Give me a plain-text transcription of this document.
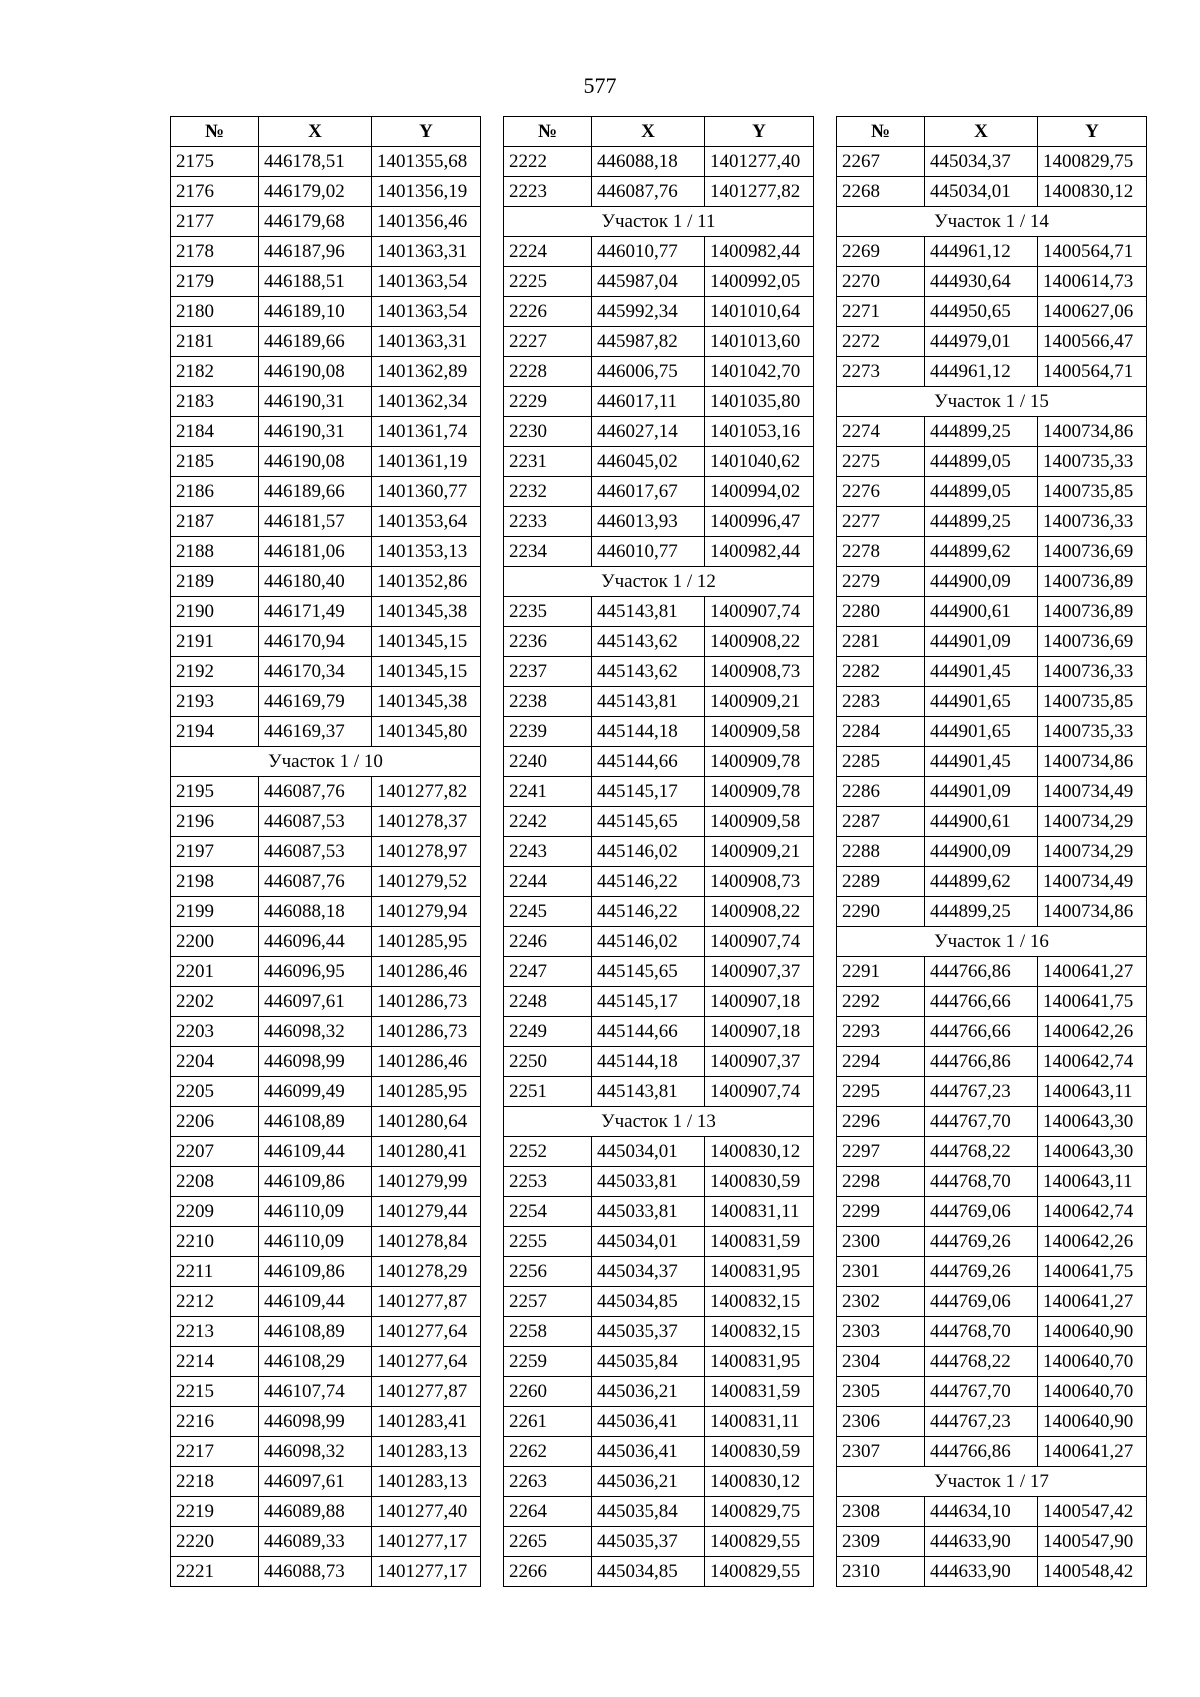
577
№	X	Y
2175	446178,51	1401355,68
2176	446179,02	1401356,19
2177	446179,68	1401356,46
2178	446187,96	1401363,31
2179	446188,51	1401363,54
2180	446189,10	1401363,54
2181	446189,66	1401363,31
2182	446190,08	1401362,89
2183	446190,31	1401362,34
2184	446190,31	1401361,74
2185	446190,08	1401361,19
2186	446189,66	1401360,77
2187	446181,57	1401353,64
2188	446181,06	1401353,13
2189	446180,40	1401352,86
2190	446171,49	1401345,38
2191	446170,94	1401345,15
2192	446170,34	1401345,15
2193	446169,79	1401345,38
2194	446169,37	1401345,80
Участок 1 / 10		
2195	446087,76	1401277,82
2196	446087,53	1401278,37
2197	446087,53	1401278,97
2198	446087,76	1401279,52
2199	446088,18	1401279,94
2200	446096,44	1401285,95
2201	446096,95	1401286,46
2202	446097,61	1401286,73
2203	446098,32	1401286,73
2204	446098,99	1401286,46
2205	446099,49	1401285,95
2206	446108,89	1401280,64
2207	446109,44	1401280,41
2208	446109,86	1401279,99
2209	446110,09	1401279,44
2210	446110,09	1401278,84
2211	446109,86	1401278,29
2212	446109,44	1401277,87
2213	446108,89	1401277,64
2214	446108,29	1401277,64
2215	446107,74	1401277,87
2216	446098,99	1401283,41
2217	446098,32	1401283,13
2218	446097,61	1401283,13
2219	446089,88	1401277,40
2220	446089,33	1401277,17
2221	446088,73	1401277,17
№	X	Y
2222	446088,18	1401277,40
2223	446087,76	1401277,82
Участок 1 / 11		
2224	446010,77	1400982,44
2225	445987,04	1400992,05
2226	445992,34	1401010,64
2227	445987,82	1401013,60
2228	446006,75	1401042,70
2229	446017,11	1401035,80
2230	446027,14	1401053,16
2231	446045,02	1401040,62
2232	446017,67	1400994,02
2233	446013,93	1400996,47
2234	446010,77	1400982,44
Участок 1 / 12		
2235	445143,81	1400907,74
2236	445143,62	1400908,22
2237	445143,62	1400908,73
2238	445143,81	1400909,21
2239	445144,18	1400909,58
2240	445144,66	1400909,78
2241	445145,17	1400909,78
2242	445145,65	1400909,58
2243	445146,02	1400909,21
2244	445146,22	1400908,73
2245	445146,22	1400908,22
2246	445146,02	1400907,74
2247	445145,65	1400907,37
2248	445145,17	1400907,18
2249	445144,66	1400907,18
2250	445144,18	1400907,37
2251	445143,81	1400907,74
Участок 1 / 13		
2252	445034,01	1400830,12
2253	445033,81	1400830,59
2254	445033,81	1400831,11
2255	445034,01	1400831,59
2256	445034,37	1400831,95
2257	445034,85	1400832,15
2258	445035,37	1400832,15
2259	445035,84	1400831,95
2260	445036,21	1400831,59
2261	445036,41	1400831,11
2262	445036,41	1400830,59
2263	445036,21	1400830,12
2264	445035,84	1400829,75
2265	445035,37	1400829,55
2266	445034,85	1400829,55
№	X	Y
2267	445034,37	1400829,75
2268	445034,01	1400830,12
Участок 1 / 14		
2269	444961,12	1400564,71
2270	444930,64	1400614,73
2271	444950,65	1400627,06
2272	444979,01	1400566,47
2273	444961,12	1400564,71
Участок 1 / 15		
2274	444899,25	1400734,86
2275	444899,05	1400735,33
2276	444899,05	1400735,85
2277	444899,25	1400736,33
2278	444899,62	1400736,69
2279	444900,09	1400736,89
2280	444900,61	1400736,89
2281	444901,09	1400736,69
2282	444901,45	1400736,33
2283	444901,65	1400735,85
2284	444901,65	1400735,33
2285	444901,45	1400734,86
2286	444901,09	1400734,49
2287	444900,61	1400734,29
2288	444900,09	1400734,29
2289	444899,62	1400734,49
2290	444899,25	1400734,86
Участок 1 / 16		
2291	444766,86	1400641,27
2292	444766,66	1400641,75
2293	444766,66	1400642,26
2294	444766,86	1400642,74
2295	444767,23	1400643,11
2296	444767,70	1400643,30
2297	444768,22	1400643,30
2298	444768,70	1400643,11
2299	444769,06	1400642,74
2300	444769,26	1400642,26
2301	444769,26	1400641,75
2302	444769,06	1400641,27
2303	444768,70	1400640,90
2304	444768,22	1400640,70
2305	444767,70	1400640,70
2306	444767,23	1400640,90
2307	444766,86	1400641,27
Участок 1 / 17		
2308	444634,10	1400547,42
2309	444633,90	1400547,90
2310	444633,90	1400548,42
